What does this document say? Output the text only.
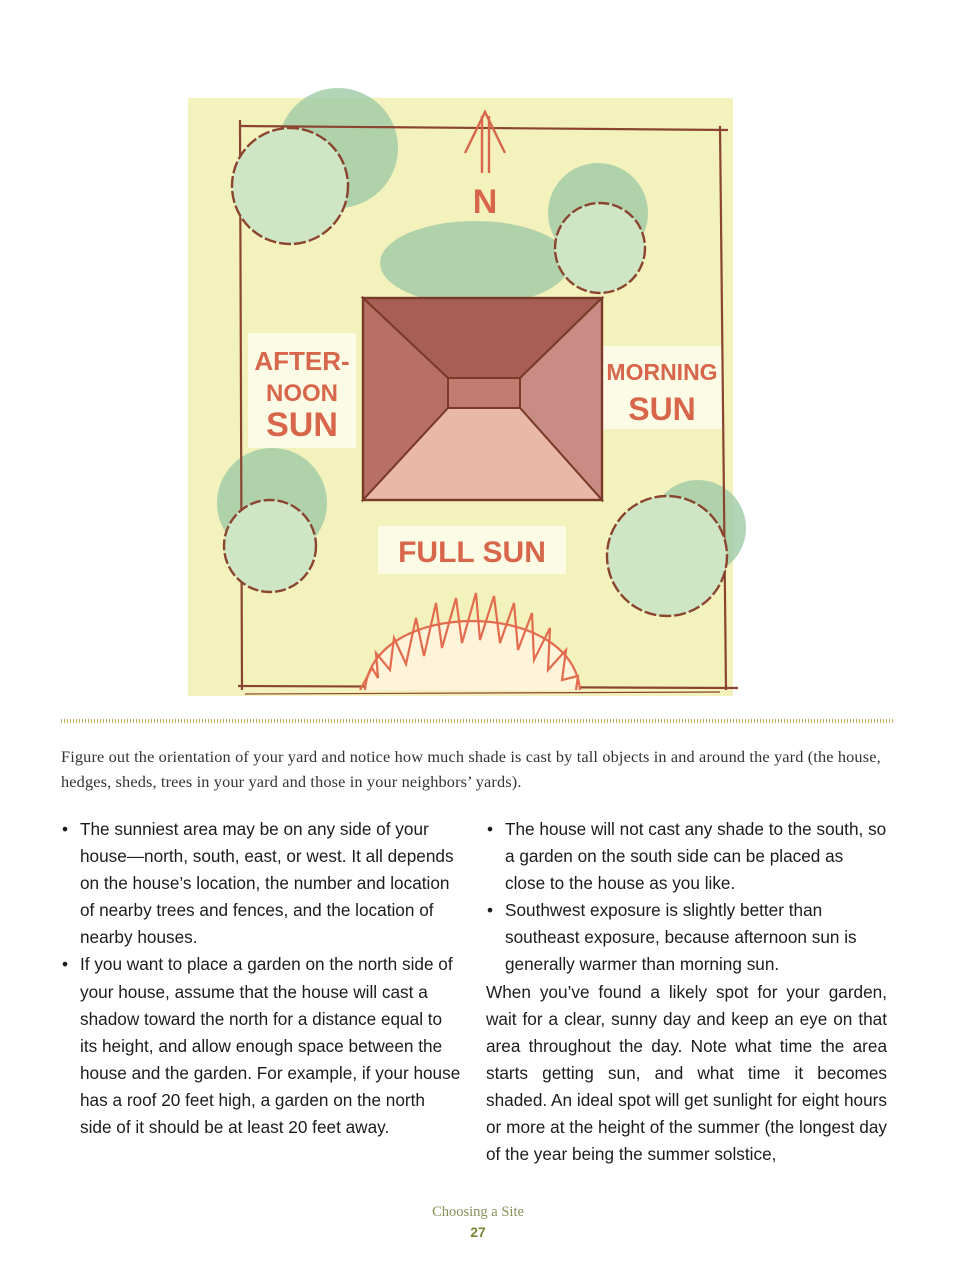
N
AFTER-
NOON
SUN
MORNING
SUN
FULL SUN

Figure out the orientation of your yard and notice how much shade is cast by tall objects in and around the yard (the house, hedges, sheds, trees in your yard and those in your neighbors’ yards).

• The sunniest area may be on any side of your house—north, south, east, or west. It all depends on the house’s location, the number and location of nearby trees and fences, and the location of nearby houses.
• If you want to place a garden on the north side of your house, assume that the house will cast a shadow toward the north for a distance equal to its height, and allow enough space between the house and the garden. For example, if your house has a roof 20 feet high, a garden on the north side of it should be at least 20 feet away.
• The house will not cast any shade to the south, so a garden on the south side can be placed as close to the house as you like.
• Southwest exposure is slightly better than southeast exposure, because afternoon sun is generally warmer than morning sun.

When you’ve found a likely spot for your garden, wait for a clear, sunny day and keep an eye on that area throughout the day. Note what time the area starts getting sun, and what time it becomes shaded. An ideal spot will get sunlight for eight hours or more at the height of the summer (the longest day of the year being the summer solstice,

Choosing a Site
27
